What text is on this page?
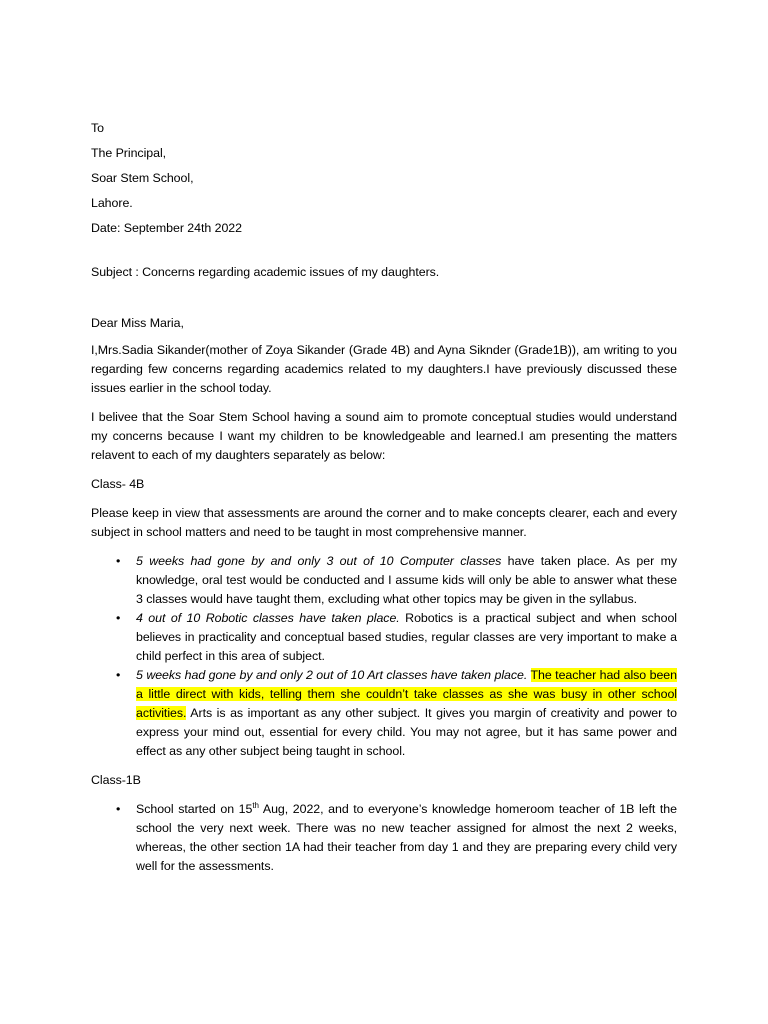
To
The Principal,
Soar Stem School,
Lahore.
Date: September 24th 2022
Subject : Concerns regarding academic issues of my daughters.
Dear Miss Maria,

I,Mrs.Sadia Sikander(mother of Zoya Sikander (Grade 4B) and Ayna Siknder (Grade1B)), am writing to you regarding few concerns regarding academics related to my daughters.I have previously discussed these issues earlier in the school today.

I belivee that the Soar Stem School having a sound aim to promote conceptual studies would understand my concerns because I want my children to be knowledgeable and learned.I am presenting the matters relavent to each of my daughters separately as below:

Class- 4B

Please keep in view that assessments are around the corner and to make concepts clearer, each and every subject in school matters and need to be taught in most comprehensive manner.

• 5 weeks had gone by and only 3 out of 10 Computer classes have taken place. As per my knowledge, oral test would be conducted and I assume kids will only be able to answer what these 3 classes would have taught them, excluding what other topics may be given in the syllabus.
• 4 out of 10 Robotic classes have taken place. Robotics is a practical subject and when school believes in practicality and conceptual based studies, regular classes are very important to make a child perfect in this area of subject.
• 5 weeks had gone by and only 2 out of 10 Art classes have taken place. The teacher had also been a little direct with kids, telling them she couldn’t take classes as she was busy in other school activities. Arts is as important as any other subject. It gives you margin of creativity and power to express your mind out, essential for every child. You may not agree, but it has same power and effect as any other subject being taught in school.
Class-1B
• School started on 15th Aug, 2022, and to everyone’s knowledge homeroom teacher of 1B left the school the very next week. There was no new teacher assigned for almost the next 2 weeks, whereas, the other section 1A had their teacher from day 1 and they are preparing every child very well for the assessments.
